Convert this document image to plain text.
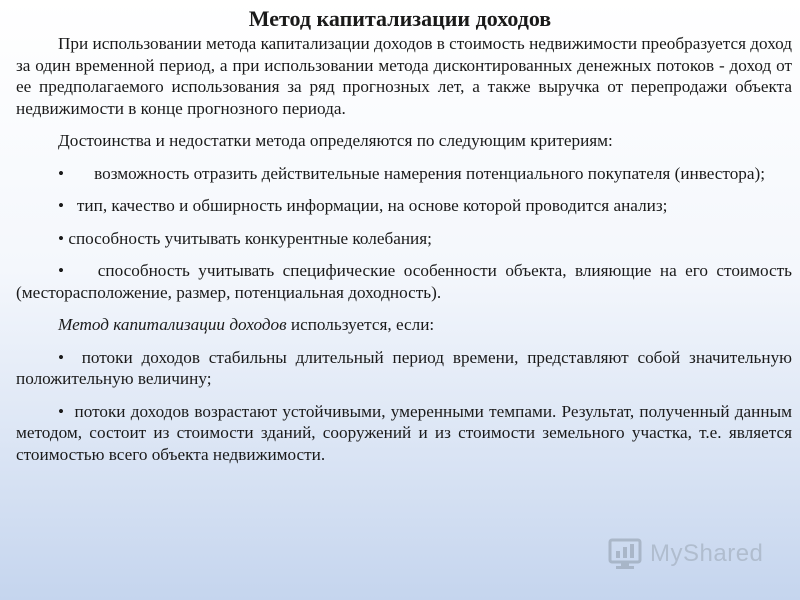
Метод капитализации доходов

При использовании метода капитализации доходов в стоимость недвижимости преобразуется доход за один временной период, а при использовании метода дисконтированных денежных потоков - доход от ее предполагаемого использования за ряд прогнозных лет, а также выручка от перепродажи объекта недвижимости в конце прогнозного периода.

Достоинства и недостатки метода определяются по следующим критериям:

• возможность отразить действительные намерения потенциального покупателя (инвестора);

• тип, качество и обширность информации, на основе которой проводится анализ;

• способность учитывать конкурентные колебания;

• способность учитывать специфические особенности объекта, влияющие на его стоимость (месторасположение, размер, потенциальная доходность).

Метод капитализации доходов используется, если:

• потоки доходов стабильны длительный период времени, представляют собой значительную положительную величину;

• потоки доходов возрастают устойчивыми, умеренными темпами. Результат, полученный данным методом, состоит из стоимости зданий, сооружений и из стоимости земельного участка, т.е. является стоимостью всего объекта недвижимости.

MyShared
